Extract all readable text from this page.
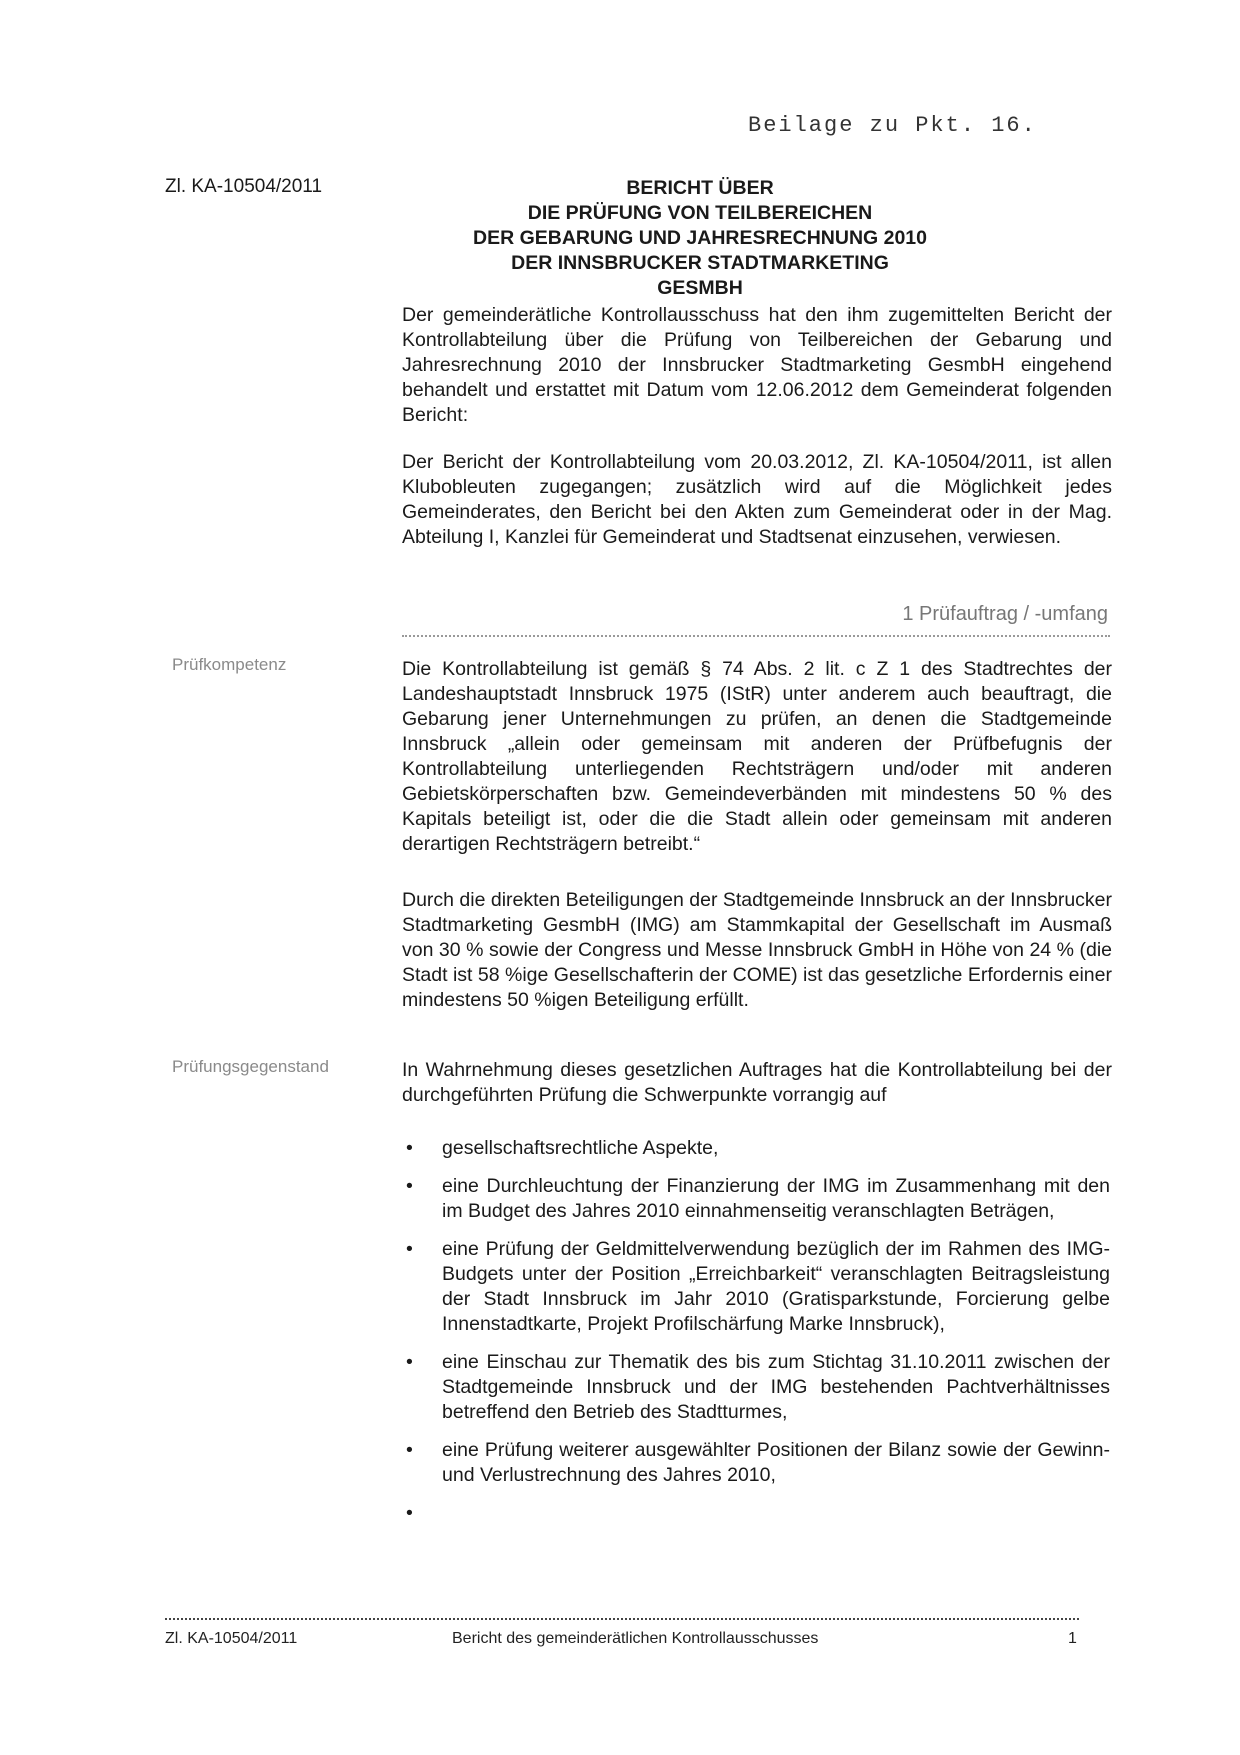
Beilage zu Pkt. 16.
Zl. KA-10504/2011	BERICHT ÜBER
DIE PRÜFUNG VON TEILBEREICHEN
DER GEBARUNG UND JAHRESRECHNUNG 2010
DER INNSBRUCKER STADTMARKETING GESMBH
Der gemeinderätliche Kontrollausschuss hat den ihm zugemittelten Bericht der Kontrollabteilung über die Prüfung von Teilbereichen der Gebarung und Jahresrechnung 2010 der Innsbrucker Stadtmarketing GesmbH eingehend behandelt und erstattet mit Datum vom 12.06.2012 dem Gemeinderat folgenden Bericht:
Der Bericht der Kontrollabteilung vom 20.03.2012, Zl. KA-10504/2011, ist allen Klubobleuten zugegangen; zusätzlich wird auf die Möglichkeit jedes Gemeinderates, den Bericht bei den Akten zum Gemeinderat oder in der Mag. Abteilung I, Kanzlei für Gemeinderat und Stadtsenat einzusehen, verwiesen.
1 Prüfauftrag / -umfang
Prüfkompetenz	Die Kontrollabteilung ist gemäß § 74 Abs. 2 lit. c Z 1 des Stadtrechtes der Landeshauptstadt Innsbruck 1975 (IStR) unter anderem auch beauftragt, die Gebarung jener Unternehmungen zu prüfen, an denen die Stadtgemeinde Innsbruck „allein oder gemeinsam mit anderen der Prüfbefugnis der Kontrollabteilung unterliegenden Rechtsträgern und/oder mit anderen Gebietskörperschaften bzw. Gemeindeverbänden mit mindestens 50 % des Kapitals beteiligt ist, oder die die Stadt allein oder gemeinsam mit anderen derartigen Rechtsträgern betreibt.“
Durch die direkten Beteiligungen der Stadtgemeinde Innsbruck an der Innsbrucker Stadtmarketing GesmbH (IMG) am Stammkapital der Gesellschaft im Ausmaß von 30 % sowie der Congress und Messe Innsbruck GmbH in Höhe von 24 % (die Stadt ist 58 %ige Gesellschafterin der COME) ist das gesetzliche Erfordernis einer mindestens 50 %igen Beteiligung erfüllt.
Prüfungsgegenstand	In Wahrnehmung dieses gesetzlichen Auftrages hat die Kontrollabteilung bei der durchgeführten Prüfung die Schwerpunkte vorrangig auf
• gesellschaftsrechtliche Aspekte,
• eine Durchleuchtung der Finanzierung der IMG im Zusammenhang mit den im Budget des Jahres 2010 einnahmenseitig veranschlagten Beträgen,
• eine Prüfung der Geldmittelverwendung bezüglich der im Rahmen des IMG-Budgets unter der Position „Erreichbarkeit“ veranschlagten Beitragsleistung der Stadt Innsbruck im Jahr 2010 (Gratisparkstunde, Forcierung gelbe Innenstadtkarte, Projekt Profilschärfung Marke Innsbruck),
• eine Einschau zur Thematik des bis zum Stichtag 31.10.2011 zwischen der Stadtgemeinde Innsbruck und der IMG bestehenden Pachtverhältnisses betreffend den Betrieb des Stadtturmes,
• eine Prüfung weiterer ausgewählter Positionen der Bilanz sowie der Gewinn- und Verlustrechnung des Jahres 2010,
•

Zl. KA-10504/2011	Bericht des gemeinderätlichen Kontrollausschusses	1
